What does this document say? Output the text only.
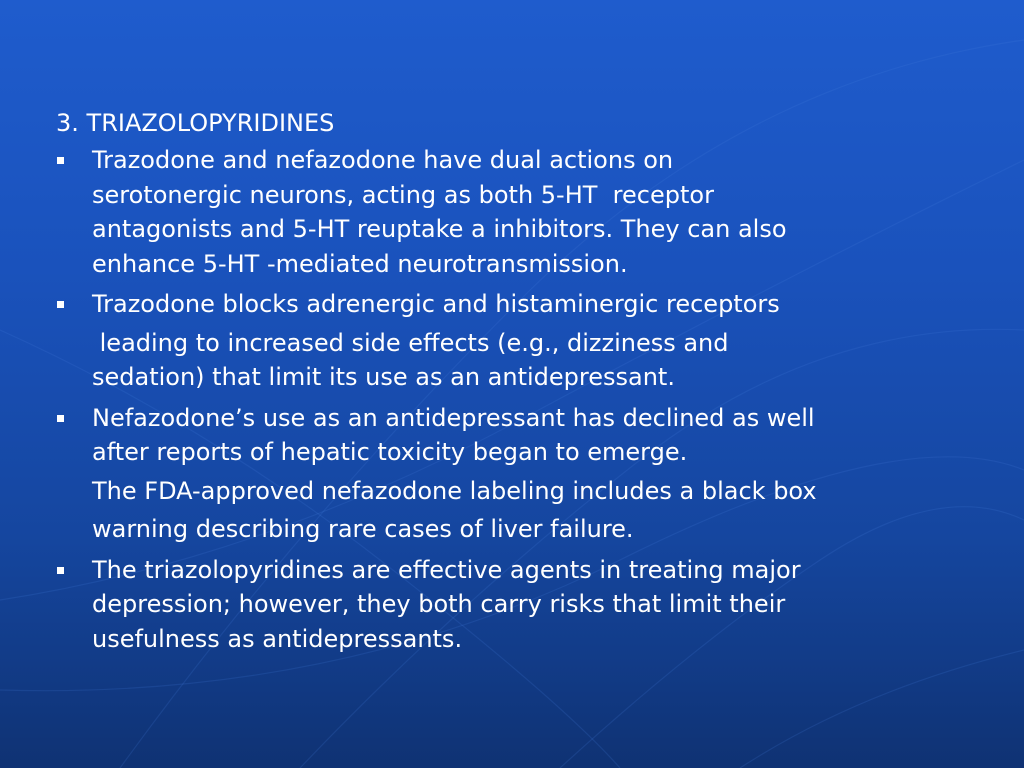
3. TRIAZOLOPYRIDINES
Trazodone and nefazodone have dual actions on
serotonergic neurons, acting as both 5-HT  receptor
antagonists and 5-HT reuptake a inhibitors. They can also
enhance 5-HT -mediated neurotransmission.
Trazodone blocks adrenergic and histaminergic receptors
leading to increased side effects (e.g., dizziness and
sedation) that limit its use as an antidepressant.
Nefazodone’s use as an antidepressant has declined as well
after reports of hepatic toxicity began to emerge.
The FDA-approved nefazodone labeling includes a black box
warning describing rare cases of liver failure.
The triazolopyridines are effective agents in treating major
depression; however, they both carry risks that limit their
usefulness as antidepressants.
